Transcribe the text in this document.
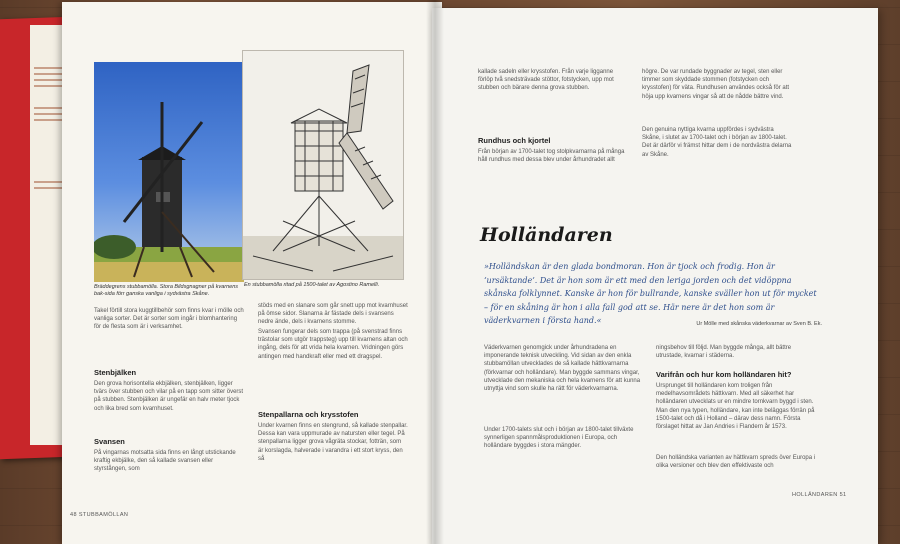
Bräddegrens stubbamölla. Stora Bildsgnagner på kvarnens bak-sida förr ganska vanliga i sydvästra Skåne.
En stubbamölla ritad på 1500-talet av Agostino Ramelli.
Takel förtill stora kuggtillbehör som finns kvar i mölle och vanliga sorter. Det är sorter som ingår i blomhantering för de flesta som är i verksamhet.
Stenbjälken
Den grova horisontella ekbjälken, stenbjälken, ligger tvärs över stubben och vilar på en tapp som sitter överst på stubben. Stenbjälken är ungefär en halv meter tjock och lika bred som kvarnhuset.
Svansen
På vingarnas motsatta sida finns en långt utstickande kraftig ekbjälke, den så kallade svansen eller styrstången, som
stöds med en slanare som går snett upp mot kvarnhuset på ömse sidor. Slanarna är fästade dels i svansens nedre ände, dels i kvarnens stomme.
Svansen fungerar dels som trappa (på svenstrad finns trästolar som utgör trappsteg) upp till kvarnens altan och ingång, dels för att vrida hela kvarnen. Vridningen görs antingen med handkraft eller med ett dragspel.
Stenpallarna och krysstofen
Under kvarnen finns en stengrund, så kallade stenpallar. Dessa kan vara uppmurade av natursten eller tegel. På stenpallarna ligger grova vågräta stockar, fotträn, som är korslagda, halverade i varandra i ett stort kryss, den så
48 STUBBAMÖLLAN
kallade sadeln eller krysstofen. Från varje ligganne förlöp två snedsträvade stöttor, fotstycken, upp mot stubben och bärare denna grova stubben.
Rundhus och kjortel
Från början av 1700-talet tog stolpkvarnarna på många håll rundhus med dessa blev under århundradet allt
högre. De var rundade byggnader av tegel, sten eller timmer som skyddade stommen (fotstycken och krysstofen) för väta. Rundhusen användes också för att höja upp kvarnens vingar så att de nådde bättre vind.
Den genuina nyttiga kvarna uppfördes i sydvästra Skåne, i slutet av 1700-talet och i början av 1800-talet. Det är därför vi främst hittar dem i de nordvästra delarna av Skåne.
Holländaren
»Holländskan är den glada bondmoran. Hon är tjock och frodig. Hon är ‘ursäktande’. Det är hon som är ett med den leriga jorden och det vidöppna skånska folklynnet. Kanske är hon för bullrande, kanske sväller hon ut för mycket – för en skåning är hon i alla fall god att se. Här nere är det hon som är väderkvarnen i första hand.«	Ur Mölle med skånska väderkvarnar av Sven B. Ek.
Väderkvarnen genomgick under århundradena en imponerande teknisk utveckling. Vid sidan av den enkla stubbamöllan utvecklades de så kallade hättkvarnarna (förkvarnar och holländare). Man byggde sammans vingar, utvecklade den mekaniska och hela kvarnens för att kunna utnyttja vind som skulle ha rätt för väderkvarnarna.
Under 1700-talets slut och i början av 1800-talet tillväxte synnerligen spannmålsproduktionen i Europa, och holländare byggdes i stora mängder.
ningsbehov till följd. Man byggde många, allt bättre utrustade, kvarnar i städerna.
Varifrån och hur kom holländaren hit?
Ursprunget till holländaren kom troligen från medelhavsområdets hättkvarn. Med all säkerhet har holländaren utvecklats ur en mindre tornkvarn byggd i sten. Man den nya typen, holländare, kan inte beläggas förrän på 1500-talet och då i Holland – därav dess namn. Första förslaget hittat av Jan Andries i Flandern år 1573.
Den holländska varianten av hättkvarn spreds över Europa i olika versioner och blev den effektivaste och
HOLLÄNDAREN 51
